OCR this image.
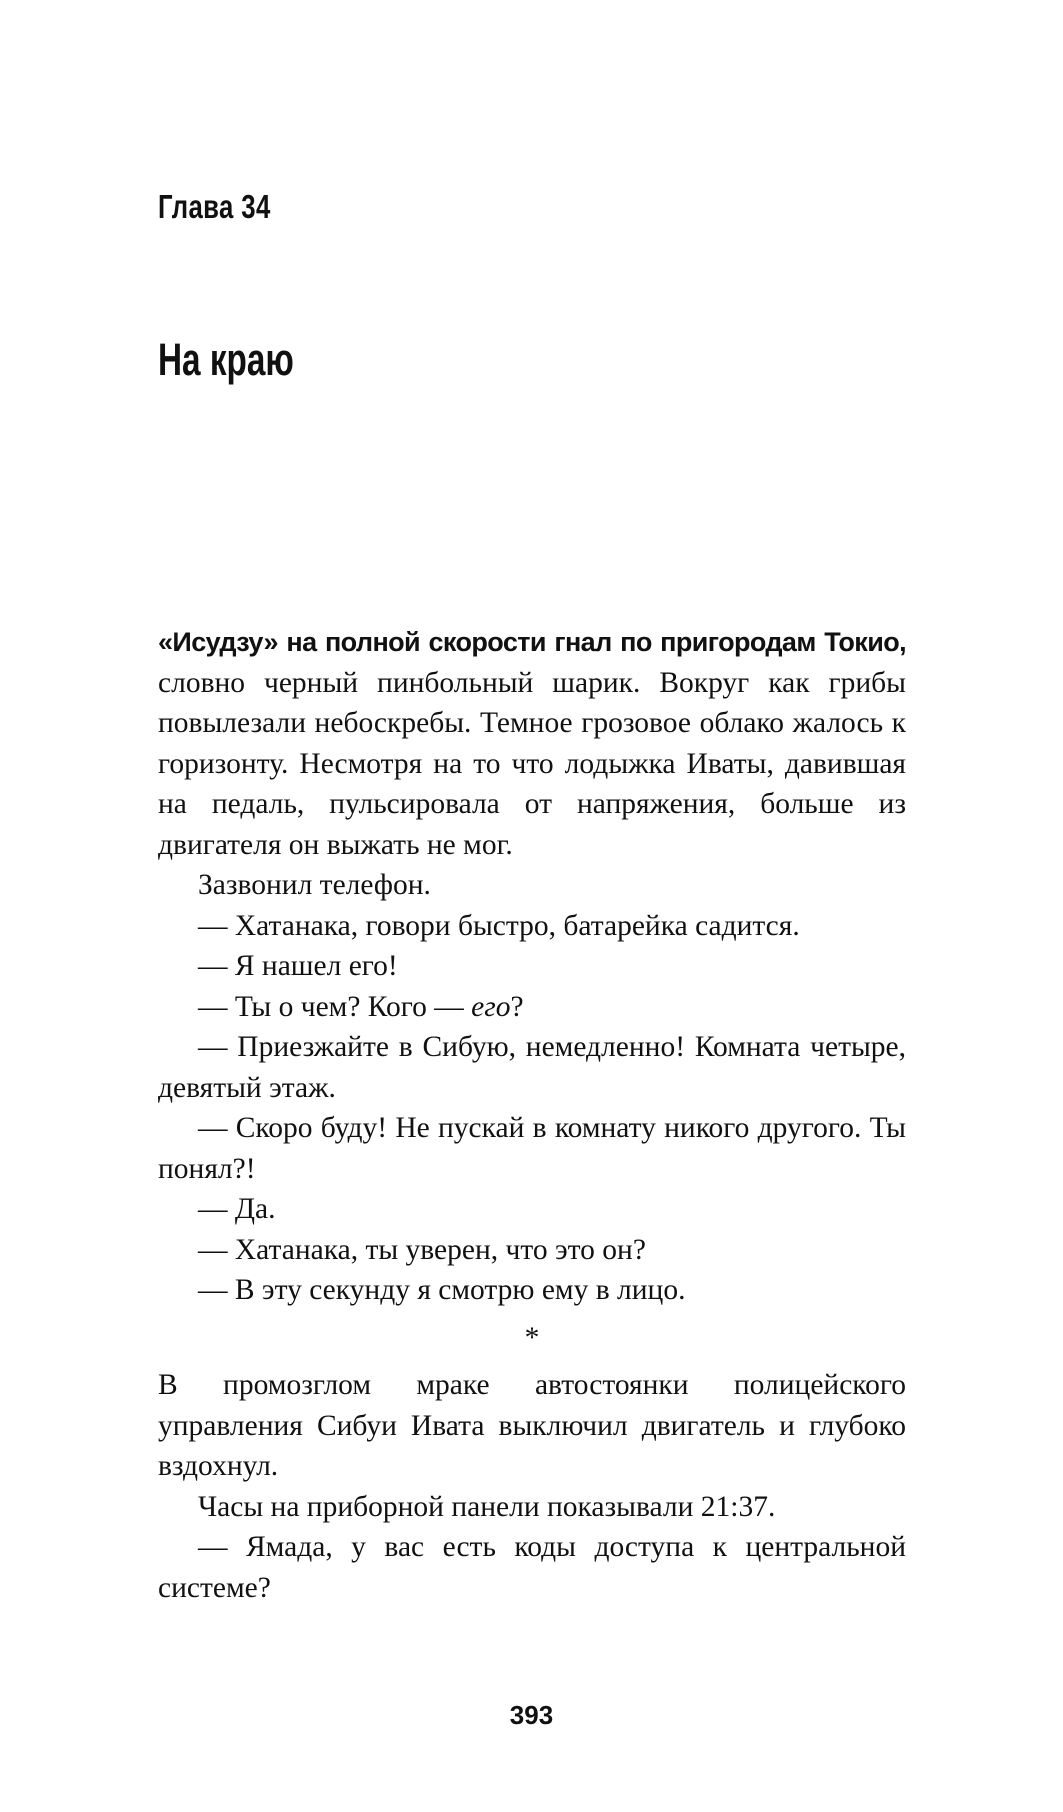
Глава 34
На краю

«Исудзу» на полной скорости гнал по пригородам Токио, словно черный пинбольный шарик. Вокруг как грибы повылезали небоскребы. Темное грозовое облако жалось к горизонту. Несмотря на то что лодыжка Иваты, давившая на педаль, пульсировала от напряжения, больше из двигателя он выжать не мог.

Зазвонил телефон.

— Хатанака, говори быстро, батарейка садится.

— Я нашел его!

— Ты о чем? Кого — его?

— Приезжайте в Сибую, немедленно! Комната четыре, девятый этаж.

— Скоро буду! Не пускай в комнату никого другого. Ты понял?!

— Да.

— Хатанака, ты уверен, что это он?

— В эту секунду я смотрю ему в лицо.

*

В промозглом мраке автостоянки полицейского управления Сибуи Ивата выключил двигатель и глубоко вздохнул.

Часы на приборной панели показывали 21:37.

— Ямада, у вас есть коды доступа к центральной системе?

393
